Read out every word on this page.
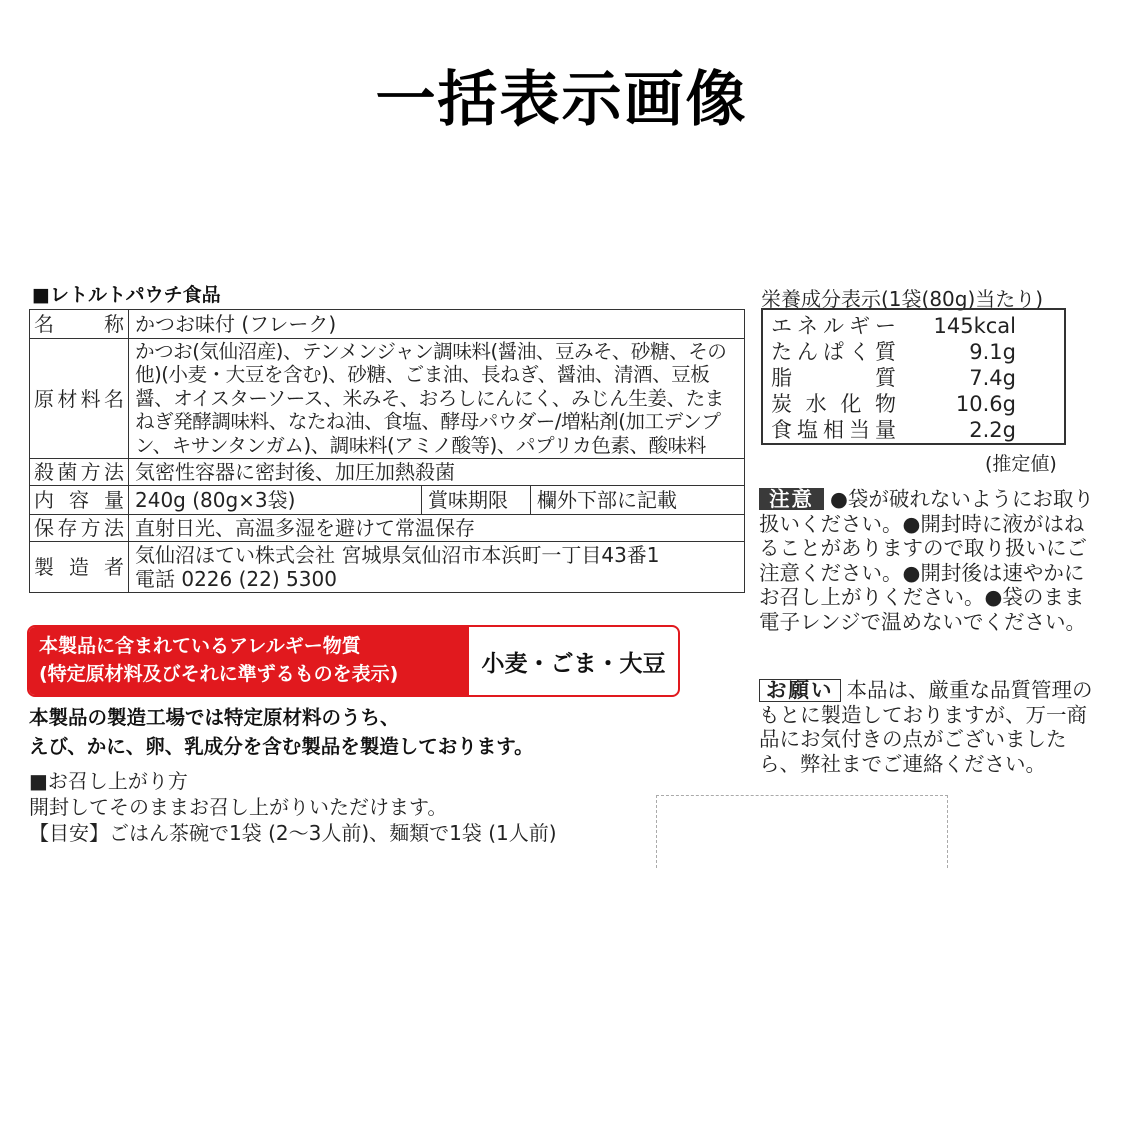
一括表示画像
■レトルトパウチ食品
名称	かつお味付 (フレーク)
原材料名	かつお(気仙沼産)、テンメンジャン調味料(醤油、豆みそ、砂糖、その他)(小麦・大豆を含む)、砂糖、ごま油、長ねぎ、醤油、清酒、豆板醤、オイスターソース、米みそ、おろしにんにく、みじん生姜、たまねぎ発酵調味料、なたね油、食塩、酵母パウダー/増粘剤(加工デンプン、キサンタンガム)、調味料(アミノ酸等)、パプリカ色素、酸味料
殺菌方法	気密性容器に密封後、加圧加熱殺菌
内容量	240g (80g×3袋) 賞味期限 欄外下部に記載

保存方法	直射日光、高温多湿を避けて常温保存
製造者	気仙沼ほてい株式会社 宮城県気仙沼市本浜町一丁目43番1
電話 0226 (22) 5300
本製品に含まれているアレルギー物質
(特定原材料及びそれに準ずるものを表示)	小麦・ごま・大豆
本製品の製造工場では特定原材料のうち、
えび、かに、卵、乳成分を含む製品を製造しております。
■お召し上がり方
開封してそのままお召し上がりいただけます。
【目安】ごはん茶碗で1袋 (2〜3人前)、麺類で1袋 (1人前)
栄養成分表示(1袋(80g)当たり)
エネルギー	145kcal
たんぱく質	9.1g
脂 質	7.4g
炭水化物	10.6g
食塩相当量	2.2g
(推定値)
注意 ●袋が破れないようにお取り扱いください。●開封時に液がはねることがありますので取り扱いにご注意ください。●開封後は速やかにお召し上がりください。●袋のまま電子レンジで温めないでください。
お願い 本品は、厳重な品質管理のもとに製造しておりますが、万一商品にお気付きの点がございましたら、弊社までご連絡ください。
